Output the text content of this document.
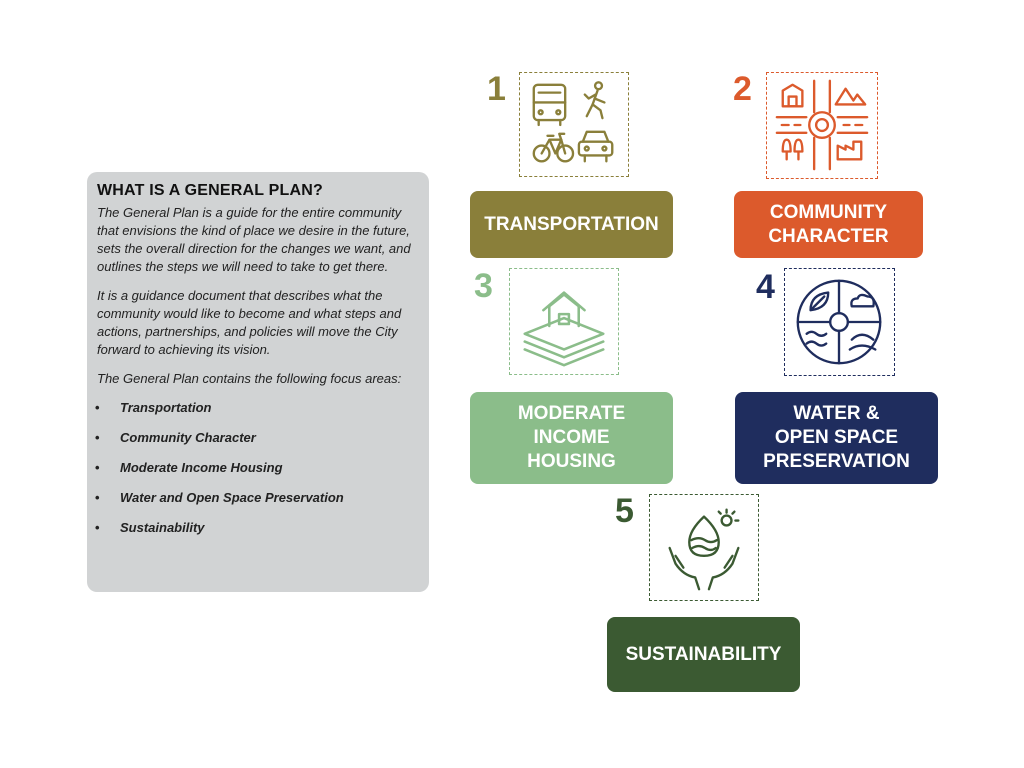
WHAT IS A GENERAL PLAN?

The General Plan is a guide for the entire community that envisions the kind of place we desire in the future, sets the overall direction for the changes we want, and outlines the steps we will need to take to get there.

It is a guidance document that describes what the community would like to become and what steps and actions, partnerships, and policies will move the City forward to achieving its vision.

The General Plan contains the following focus areas:

• Transportation
• Community Character
• Moderate Income Housing
• Water and Open Space Preservation
• Sustainability
1
TRANSPORTATION
2
COMMUNITY
CHARACTER
3
MODERATE
INCOME
HOUSING
4
WATER &
OPEN SPACE
PRESERVATION
5
SUSTAINABILITY
